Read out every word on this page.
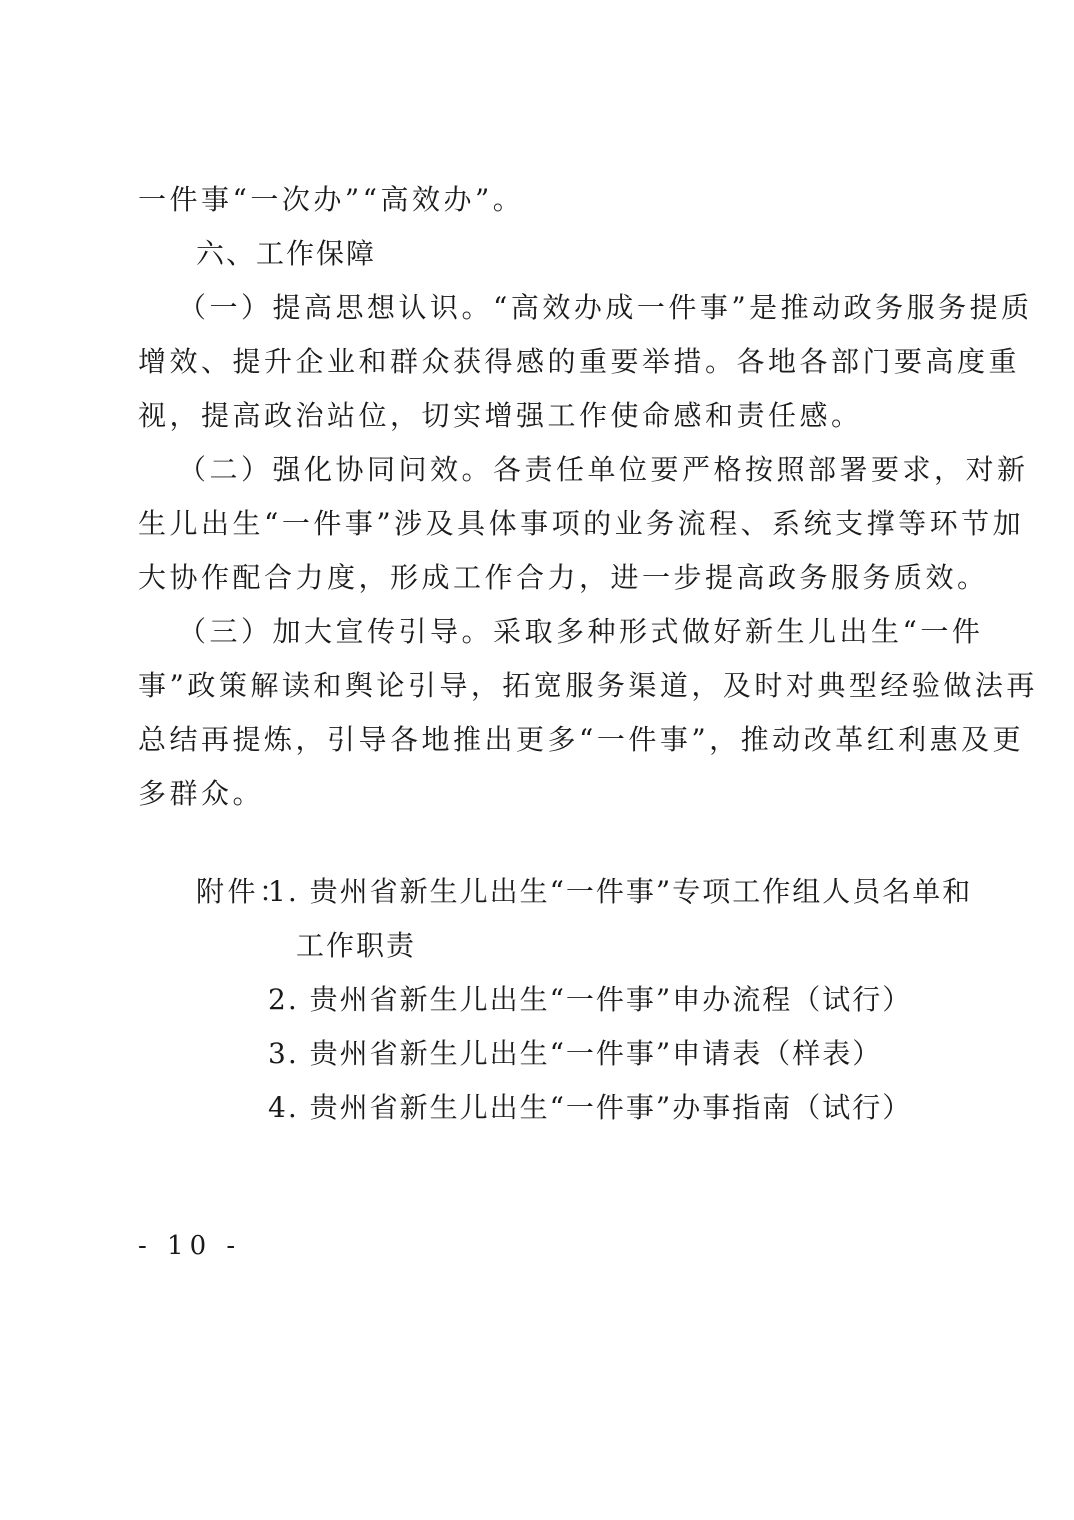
一件事“一次办”“高效办”。
六、工作保障
（一）提高思想认识。“高效办成一件事”是推动政务服务提质
增效、提升企业和群众获得感的重要举措。各地各部门要高度重
视，提高政治站位，切实增强工作使命感和责任感。
（二）强化协同问效。各责任单位要严格按照部署要求，对新
生儿出生“一件事”涉及具体事项的业务流程、系统支撑等环节加
大协作配合力度，形成工作合力，进一步提高政务服务质效。
（三）加大宣传引导。采取多种形式做好新生儿出生“一件
事”政策解读和舆论引导，拓宽服务渠道，及时对典型经验做法再
总结再提炼，引导各地推出更多“一件事”，推动改革红利惠及更
多群众。
附件：
1. 贵州省新生儿出生“一件事”专项工作组人员名单和
工作职责
2. 贵州省新生儿出生“一件事”申办流程（试行）
3. 贵州省新生儿出生“一件事”申请表（样表）
4. 贵州省新生儿出生“一件事”办事指南（试行）
- 10 -
